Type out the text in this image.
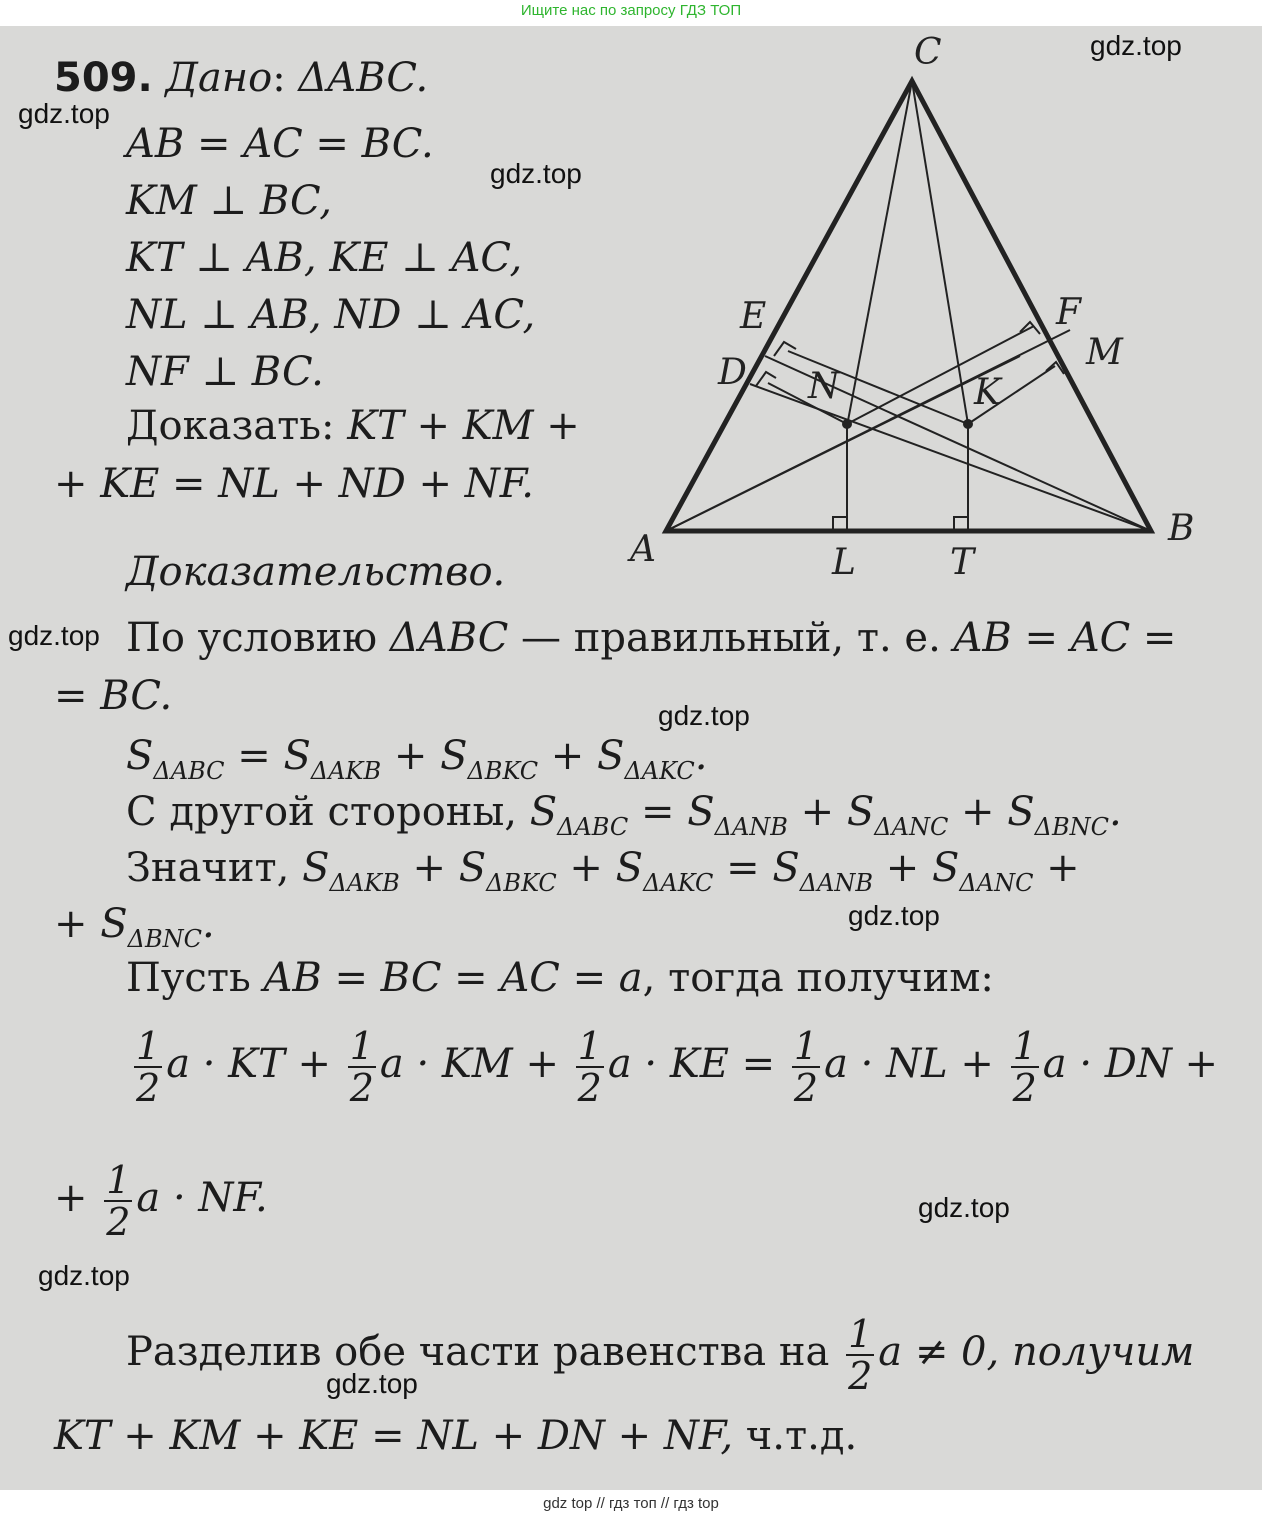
Ищите нас по запросу ГДЗ ТОП
509. Дано: ΔABC.
AB = AC = BC.
KM ⊥ BC,
KT ⊥ AB, KE ⊥ AC,
NL ⊥ AB, ND ⊥ AC,
NF ⊥ BC.
Доказать: KT + KM +
+ KE = NL + ND + NF.
C
A
B
E
D
F
M
N	K
L	T
Доказательство.
По условию ΔABC — правильный, т. е. AB = AC =
= BC.
$S_{\Delta ABC} = S_{\Delta AKB} + S_{\Delta BKC} + S_{\Delta AKC}$.
С другой стороны, $S_{\Delta ABC} = S_{\Delta ANB} + S_{\Delta ANC} + S_{\Delta BNC}$.
Значит, $S_{\Delta AKB} + S_{\Delta BKC} + S_{\Delta AKC} = S_{\Delta ANB} + S_{\Delta ANC}$ +
+ $S_{\Delta BNC}$.
Пусть AB = BC = AC = a, тогда получим:
$\frac{1}{2}$ a · KT + $\frac{1}{2}$ a · KM + $\frac{1}{2}$ a · KE = $\frac{1}{2}$ a · NL + $\frac{1}{2}$ a · DN +
+ $\frac{1}{2}$ a · NF.
Разделив обе части равенства на $\frac{1}{2}$ a ≠ 0, получим
KT + KM + KE = NL + DN + NF, ч.т.д.
gdz.top
gdz.top
gdz.top
gdz.top
gdz.top
gdz.top
gdz.top
gdz.top
gdz.top
gdz top // гдз топ // гдз top
